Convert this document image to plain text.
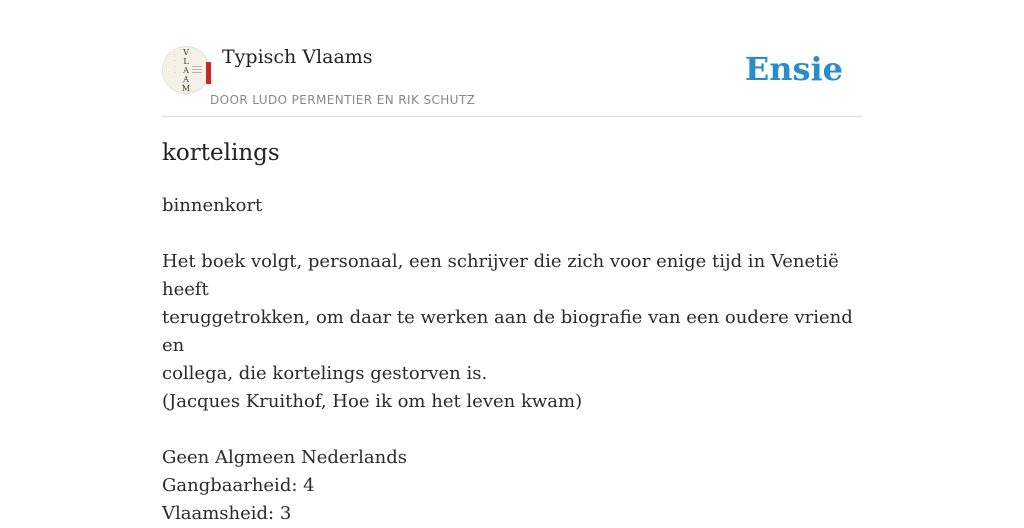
·
·
·
·
V
L
A
A
M
Typisch Vlaams
DOOR LUDO PERMENTIER EN RIK SCHUTZ
Ensie
kortelings

binnenkort

Het boek volgt, personaal, een schrijver die zich voor enige tijd in Venetië heeft

teruggetrokken, om daar te werken aan de biografie van een oudere vriend en

collega, die kortelings gestorven is.

(Jacques Kruithof, Hoe ik om het leven kwam)

Geen Algmeen Nederlands

Gangbaarheid: 4

Vlaamsheid: 3
